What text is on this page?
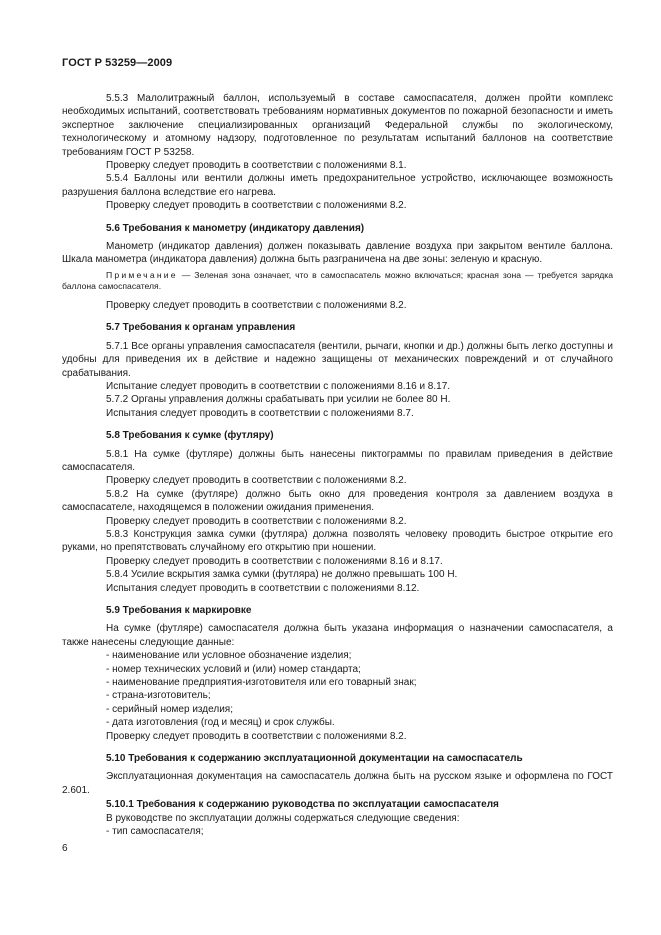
ГОСТ Р 53259—2009

5.5.3 Малолитражный баллон, используемый в составе самоспасателя, должен пройти комплекс необходимых испытаний, соответствовать требованиям нормативных документов по пожарной безопасности и иметь экспертное заключение специализированных организаций Федеральной службы по экологическому, технологическому и атомному надзору, подготовленное по результатам испытаний баллонов на соответствие требованиям ГОСТ Р 53258.

Проверку следует проводить в соответствии с положениями 8.1.

5.5.4 Баллоны или вентили должны иметь предохранительное устройство, исключающее возможность разрушения баллона вследствие его нагрева.

Проверку следует проводить в соответствии с положениями 8.2.

5.6 Требования к манометру (индикатору давления)

Манометр (индикатор давления) должен показывать давление воздуха при закрытом вентиле баллона. Шкала манометра (индикатора давления) должна быть разграничена на две зоны: зеленую и красную.

Примечание — Зеленая зона означает, что в самоспасатель можно включаться; красная зона — требуется зарядка баллона самоспасателя.

Проверку следует проводить в соответствии с положениями 8.2.

5.7 Требования к органам управления

5.7.1 Все органы управления самоспасателя (вентили, рычаги, кнопки и др.) должны быть легко доступны и удобны для приведения их в действие и надежно защищены от механических повреждений и от случайного срабатывания.

Испытание следует проводить в соответствии с положениями 8.16 и 8.17.

5.7.2 Органы управления должны срабатывать при усилии не более 80 Н.

Испытания следует проводить в соответствии с положениями 8.7.

5.8 Требования к сумке (футляру)

5.8.1 На сумке (футляре) должны быть нанесены пиктограммы по правилам приведения в действие самоспасателя.

Проверку следует проводить в соответствии с положениями 8.2.

5.8.2 На сумке (футляре) должно быть окно для проведения контроля за давлением воздуха в самоспасателе, находящемся в положении ожидания применения.

Проверку следует проводить в соответствии с положениями 8.2.

5.8.3 Конструкция замка сумки (футляра) должна позволять человеку проводить быстрое открытие его руками, но препятствовать случайному его открытию при ношении.

Проверку следует проводить в соответствии с положениями 8.16 и 8.17.

5.8.4 Усилие вскрытия замка сумки (футляра) не должно превышать 100 Н.

Испытания следует проводить в соответствии с положениями 8.12.

5.9 Требования к маркировке

На сумке (футляре) самоспасателя должна быть указана информация о назначении самоспасателя, а также нанесены следующие данные:

- наименование или условное обозначение изделия;
- номер технических условий и (или) номер стандарта;
- наименование предприятия-изготовителя или его товарный знак;
- страна-изготовитель;
- серийный номер изделия;
- дата изготовления (год и месяц) и срок службы.

Проверку следует проводить в соответствии с положениями 8.2.

5.10 Требования к содержанию эксплуатационной документации на самоспасатель

Эксплуатационная документация на самоспасатель должна быть на русском языке и оформлена по ГОСТ 2.601.

5.10.1 Требования к содержанию руководства по эксплуатации самоспасателя

В руководстве по эксплуатации должны содержаться следующие сведения:

- тип самоспасателя;
6
